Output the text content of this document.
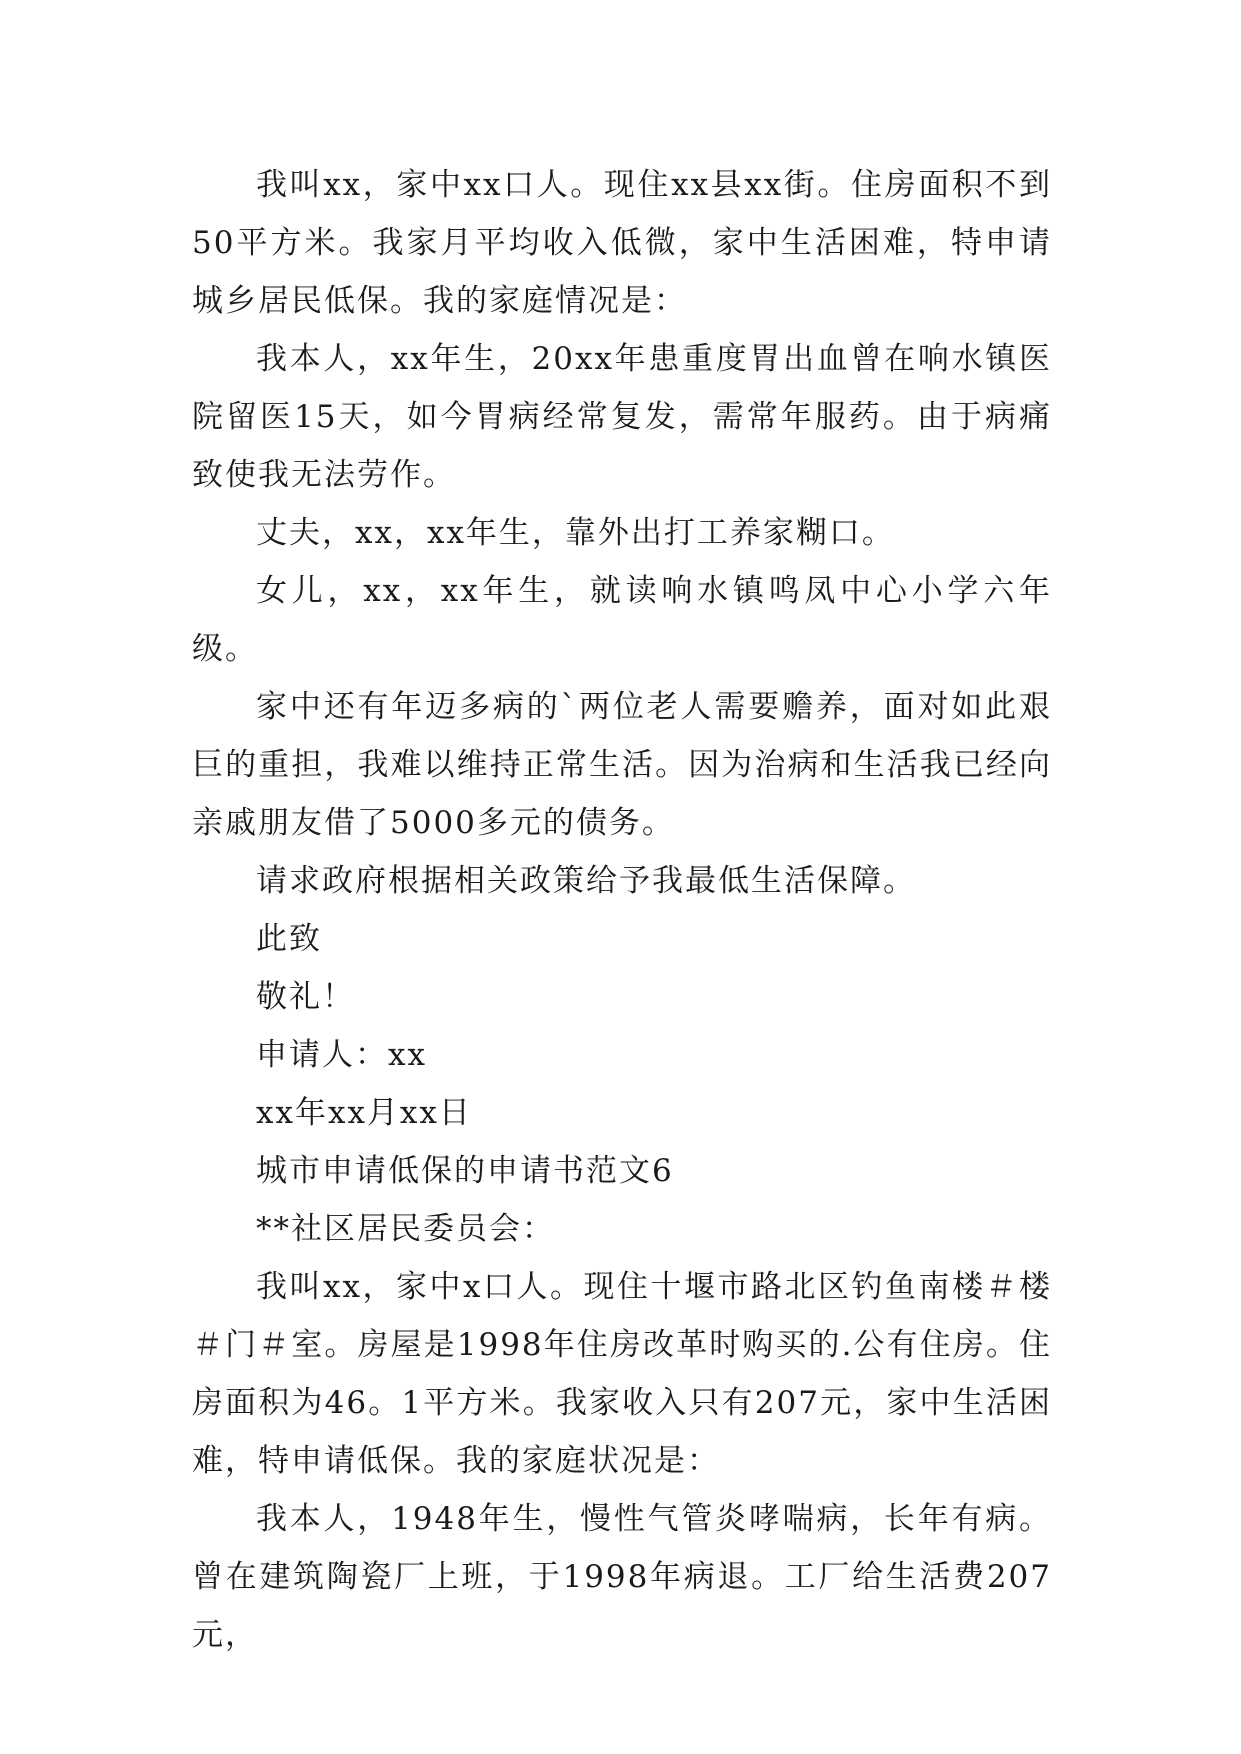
我叫xx，家中xx口人。现住xx县xx街。住房面积不到50平方米。我家月平均收入低微，家中生活困难，特申请城乡居民低保。我的家庭情况是：

我本人，xx年生，20xx年患重度胃出血曾在响水镇医院留医15天，如今胃病经常复发，需常年服药。由于病痛致使我无法劳作。

丈夫，xx，xx年生，靠外出打工养家糊口。

女儿，xx，xx年生，就读响水镇鸣凤中心小学六年级。

家中还有年迈多病的`两位老人需要赡养，面对如此艰巨的重担，我难以维持正常生活。因为治病和生活我已经向亲戚朋友借了5000多元的债务。

请求政府根据相关政策给予我最低生活保障。

此致

敬礼！

申请人：xx

xx年xx月xx日

城市申请低保的申请书范文6

**社区居民委员会：

我叫xx，家中x口人。现住十堰市路北区钓鱼南楼＃楼＃门＃室。房屋是1998年住房改革时购买的.公有住房。住房面积为46。1平方米。我家收入只有207元，家中生活困难，特申请低保。我的家庭状况是：

我本人，1948年生，慢性气管炎哮喘病，长年有病。曾在建筑陶瓷厂上班，于1998年病退。工厂给生活费207元，
